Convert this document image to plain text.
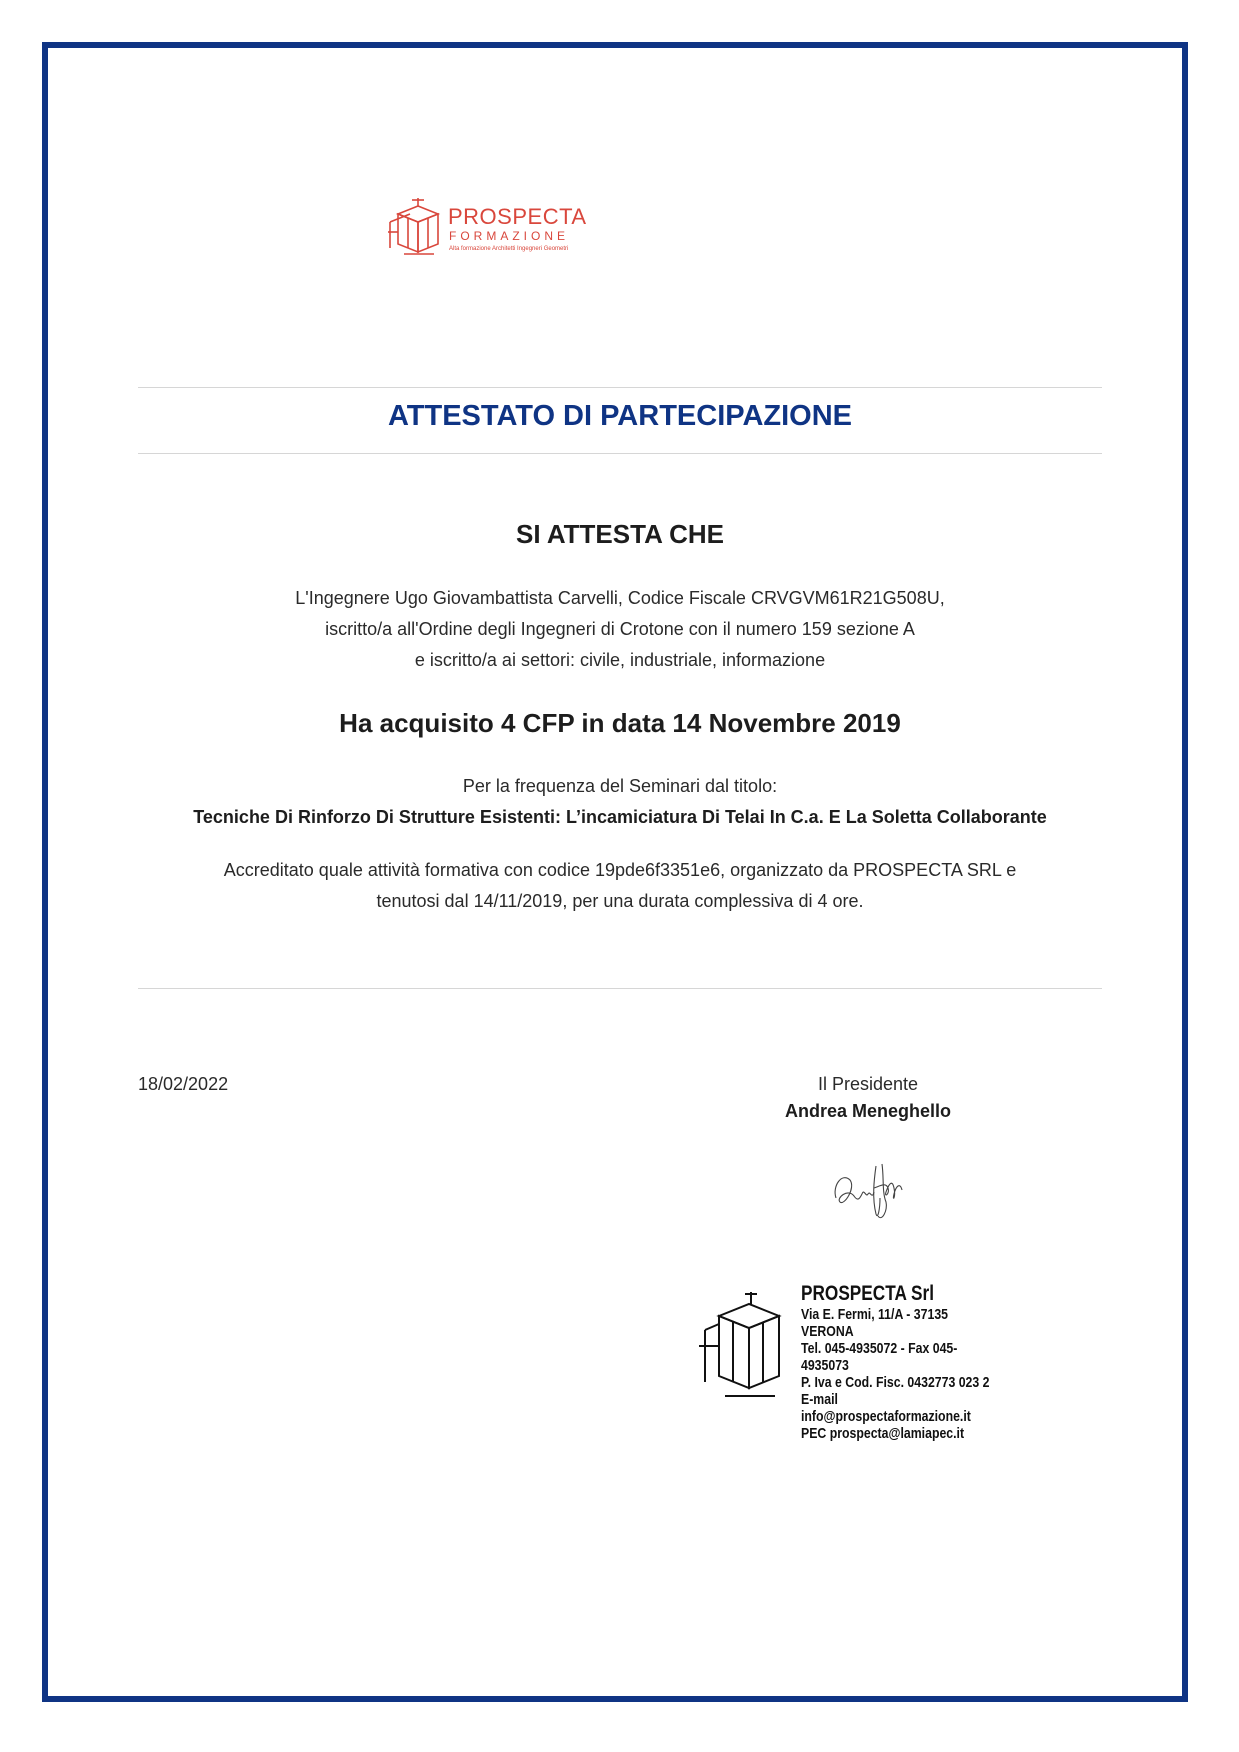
PROSPECTA
FORMAZIONE
Alta formazione Architetti Ingegneri Geometri
ATTESTATO DI PARTECIPAZIONE
SI ATTESTA CHE
L'Ingegnere Ugo Giovambattista Carvelli, Codice Fiscale CRVGVM61R21G508U,
iscritto/a all'Ordine degli Ingegneri di Crotone con il numero 159 sezione A
e iscritto/a ai settori: civile, industriale, informazione
Ha acquisito 4 CFP in data 14 Novembre 2019
Per la frequenza del Seminari dal titolo:
Tecniche Di Rinforzo Di Strutture Esistenti: L’incamiciatura Di Telai In C.a. E La Soletta Collaborante
Accreditato quale attività formativa con codice 19pde6f3351e6, organizzato da PROSPECTA SRL e
tenutosi dal 14/11/2019, per una durata complessiva di 4 ore.
18/02/2022	Il Presidente
Andrea Meneghello
PROSPECTA Srl
Via E. Fermi, 11/A - 37135 VERONA
Tel. 045-4935072 - Fax 045-4935073
P. Iva e Cod. Fisc. 0432773 023 2
E-mail info@prospectaformazione.it
PEC prospecta@lamiapec.it
